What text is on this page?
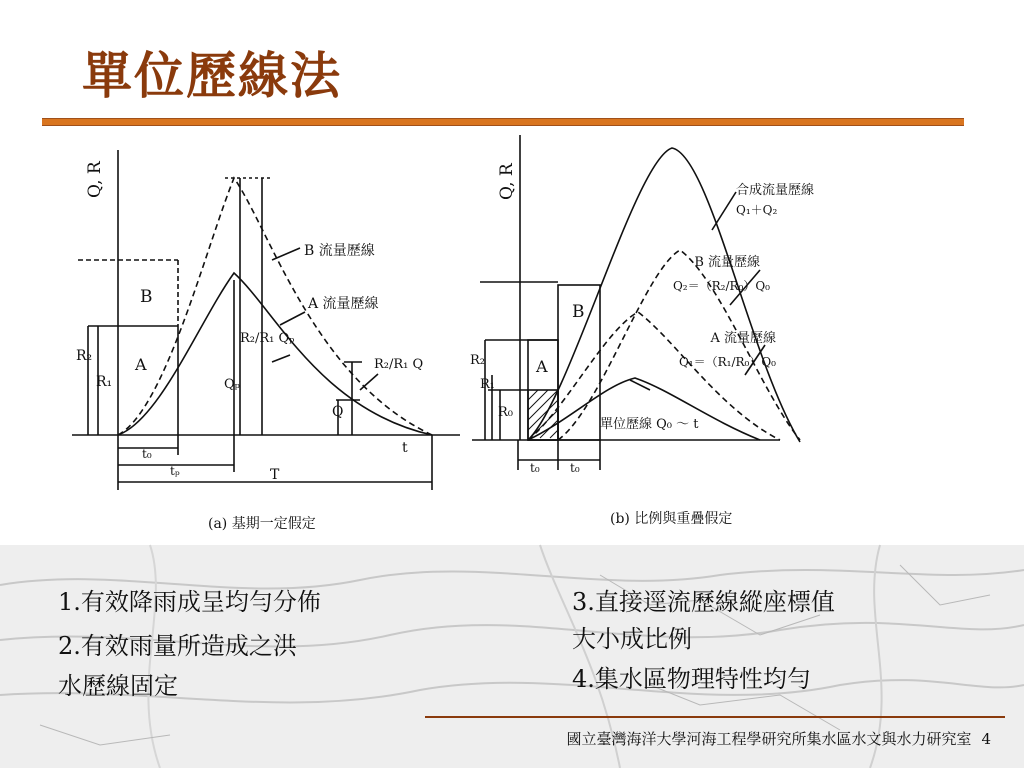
單位歷線法
Q, R
B
A
R₂
R₁
B 流量歷線
A 流量歷線
R₂/R₁ Qₚ
Qₚ
R₂/R₁ Q
Q
t
t₀
tₚ	T
(a) 基期一定假定
Q, R
B
A
R₂
R₁
R₀
合成流量歷線
Q₁＋Q₂
B 流量歷線
Q₂＝（R₂/R₀）Q₀
A 流量歷線
Q₁＝（R₁/R₀）Q₀
單位歷線 Q₀ ～ t
t₀	t₀
(b) 比例與重疊假定
1.有效降雨成呈均勻分佈
2.有效雨量所造成之洪
水歷線固定
3.直接逕流歷線縱座標值
大小成比例
4.集水區物理特性均勻
國立臺灣海洋大學河海工程學研究所集水區水文與水力研究室 4
